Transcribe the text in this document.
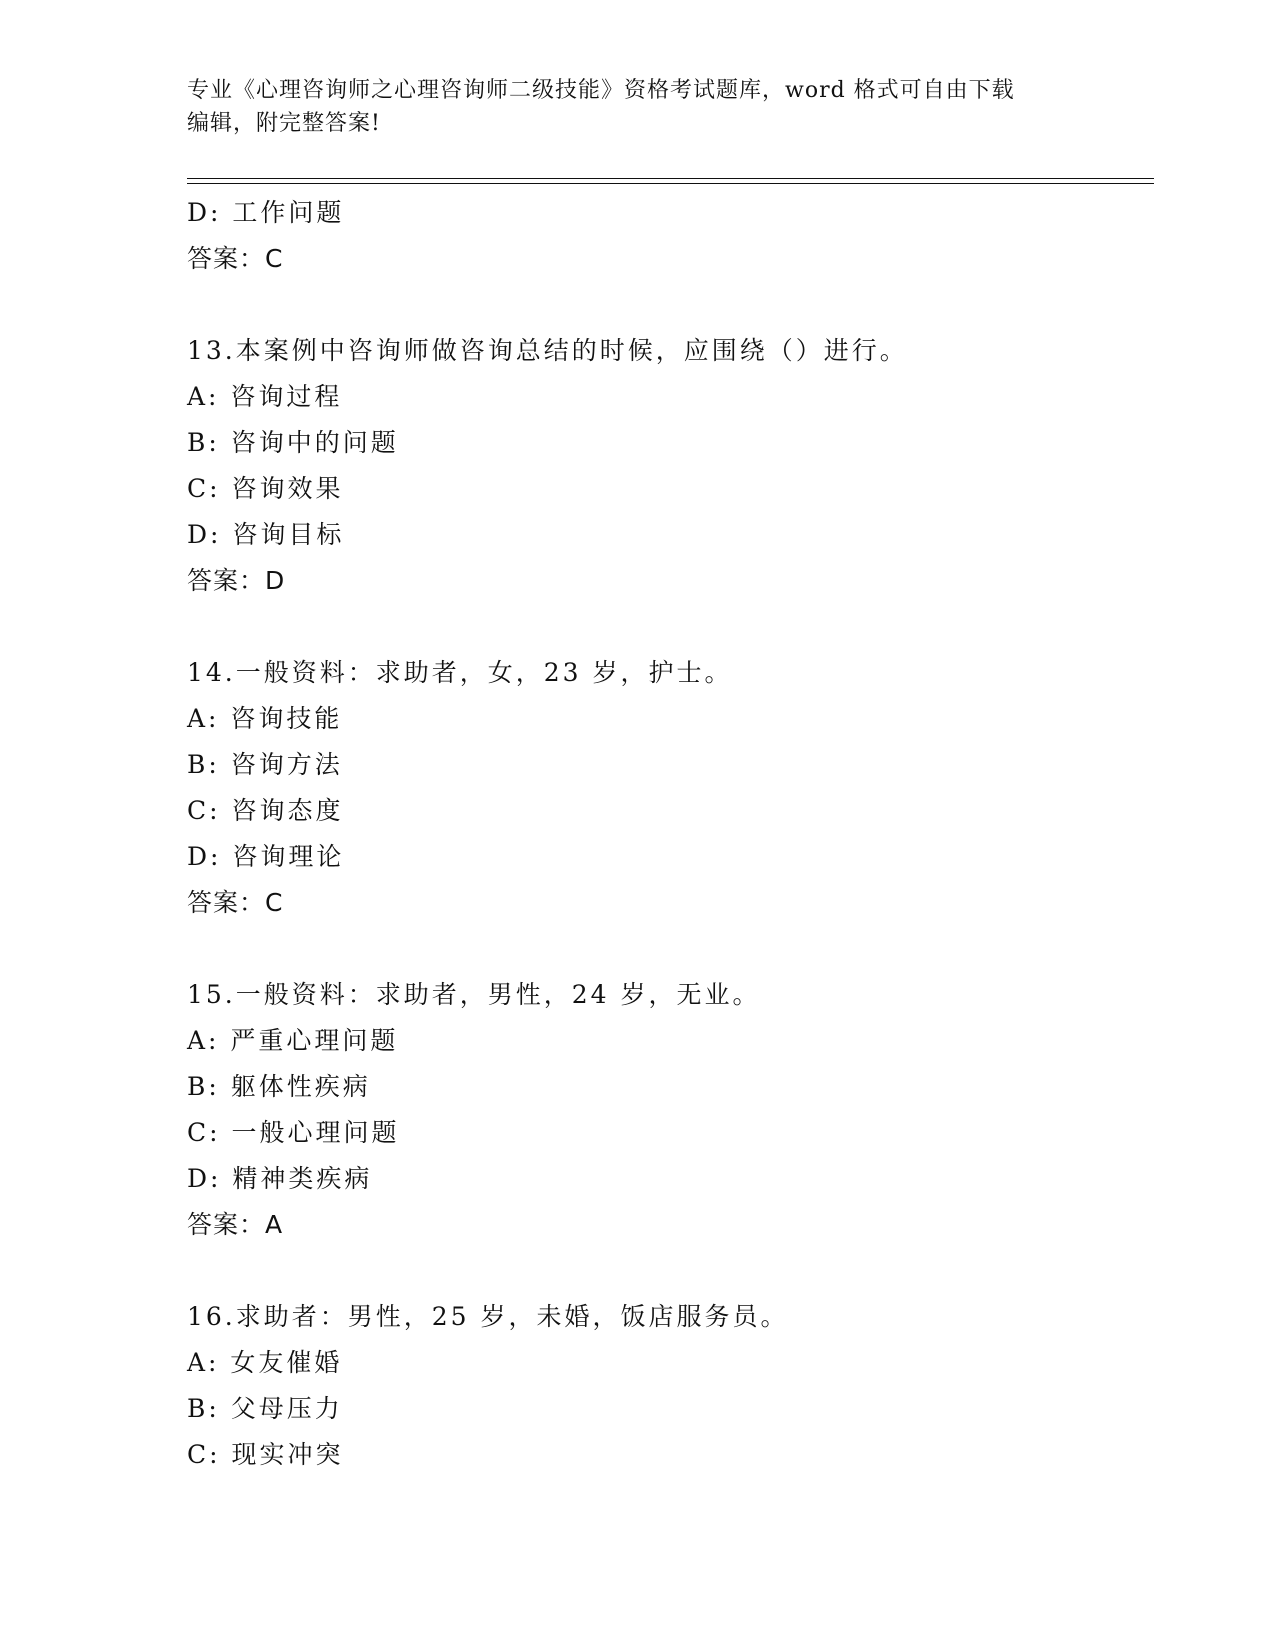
专业《心理咨询师之心理咨询师二级技能》资格考试题库，word 格式可自由下载
编辑，附完整答案!
D: 工作问题
答案：C
13.本案例中咨询师做咨询总结的时候，应围绕（）进行。
A: 咨询过程
B: 咨询中的问题
C: 咨询效果
D: 咨询目标
答案：D
14.一般资料：求助者，女，23 岁，护士。
A: 咨询技能
B: 咨询方法
C: 咨询态度
D: 咨询理论
答案：C
15.一般资料：求助者，男性，24 岁，无业。
A: 严重心理问题
B: 躯体性疾病
C: 一般心理问题
D: 精神类疾病
答案：A
16.求助者：男性，25 岁，未婚，饭店服务员。
A: 女友催婚
B: 父母压力
C: 现实冲突
